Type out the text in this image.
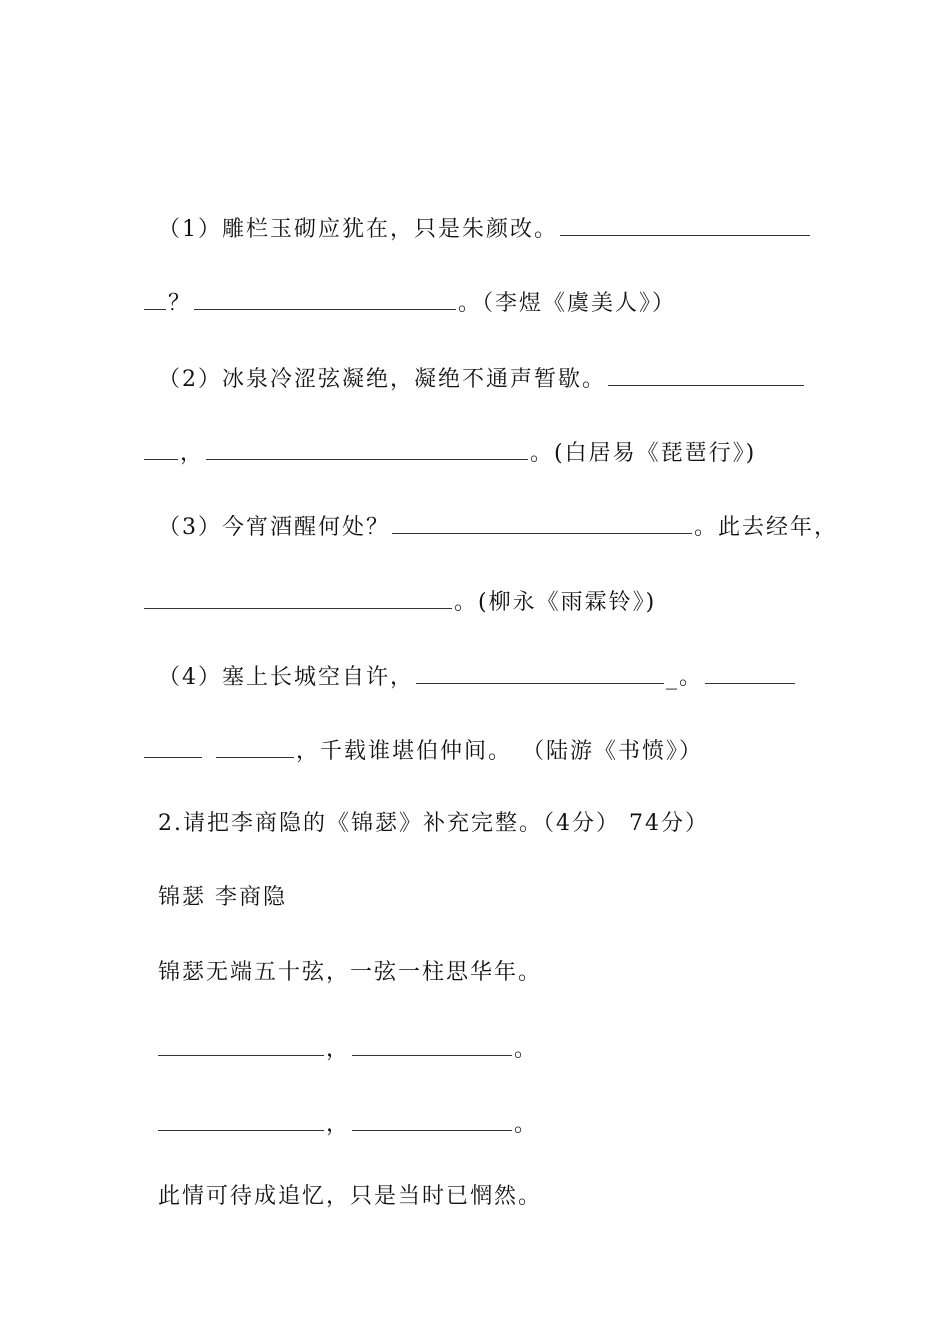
（1）雕栏玉砌应犹在，只是朱颜改。
？	。（李煜《虞美人》）
（2）冰泉冷涩弦凝绝，凝绝不通声暂歇。
，	。(白居易《琵琶行》)
（3）今宵酒醒何处？	。此去经年，
。(柳永《雨霖铃》)
（4）塞上长城空自许，	_。
，千载谁堪伯仲间。 （陆游《书愤》）
2.请把李商隐的《锦瑟》补充完整。（4分） 74分）
锦瑟 李商隐
锦瑟无端五十弦，一弦一柱思华年。
，	。
，	。
此情可待成追忆，只是当时已惘然。
